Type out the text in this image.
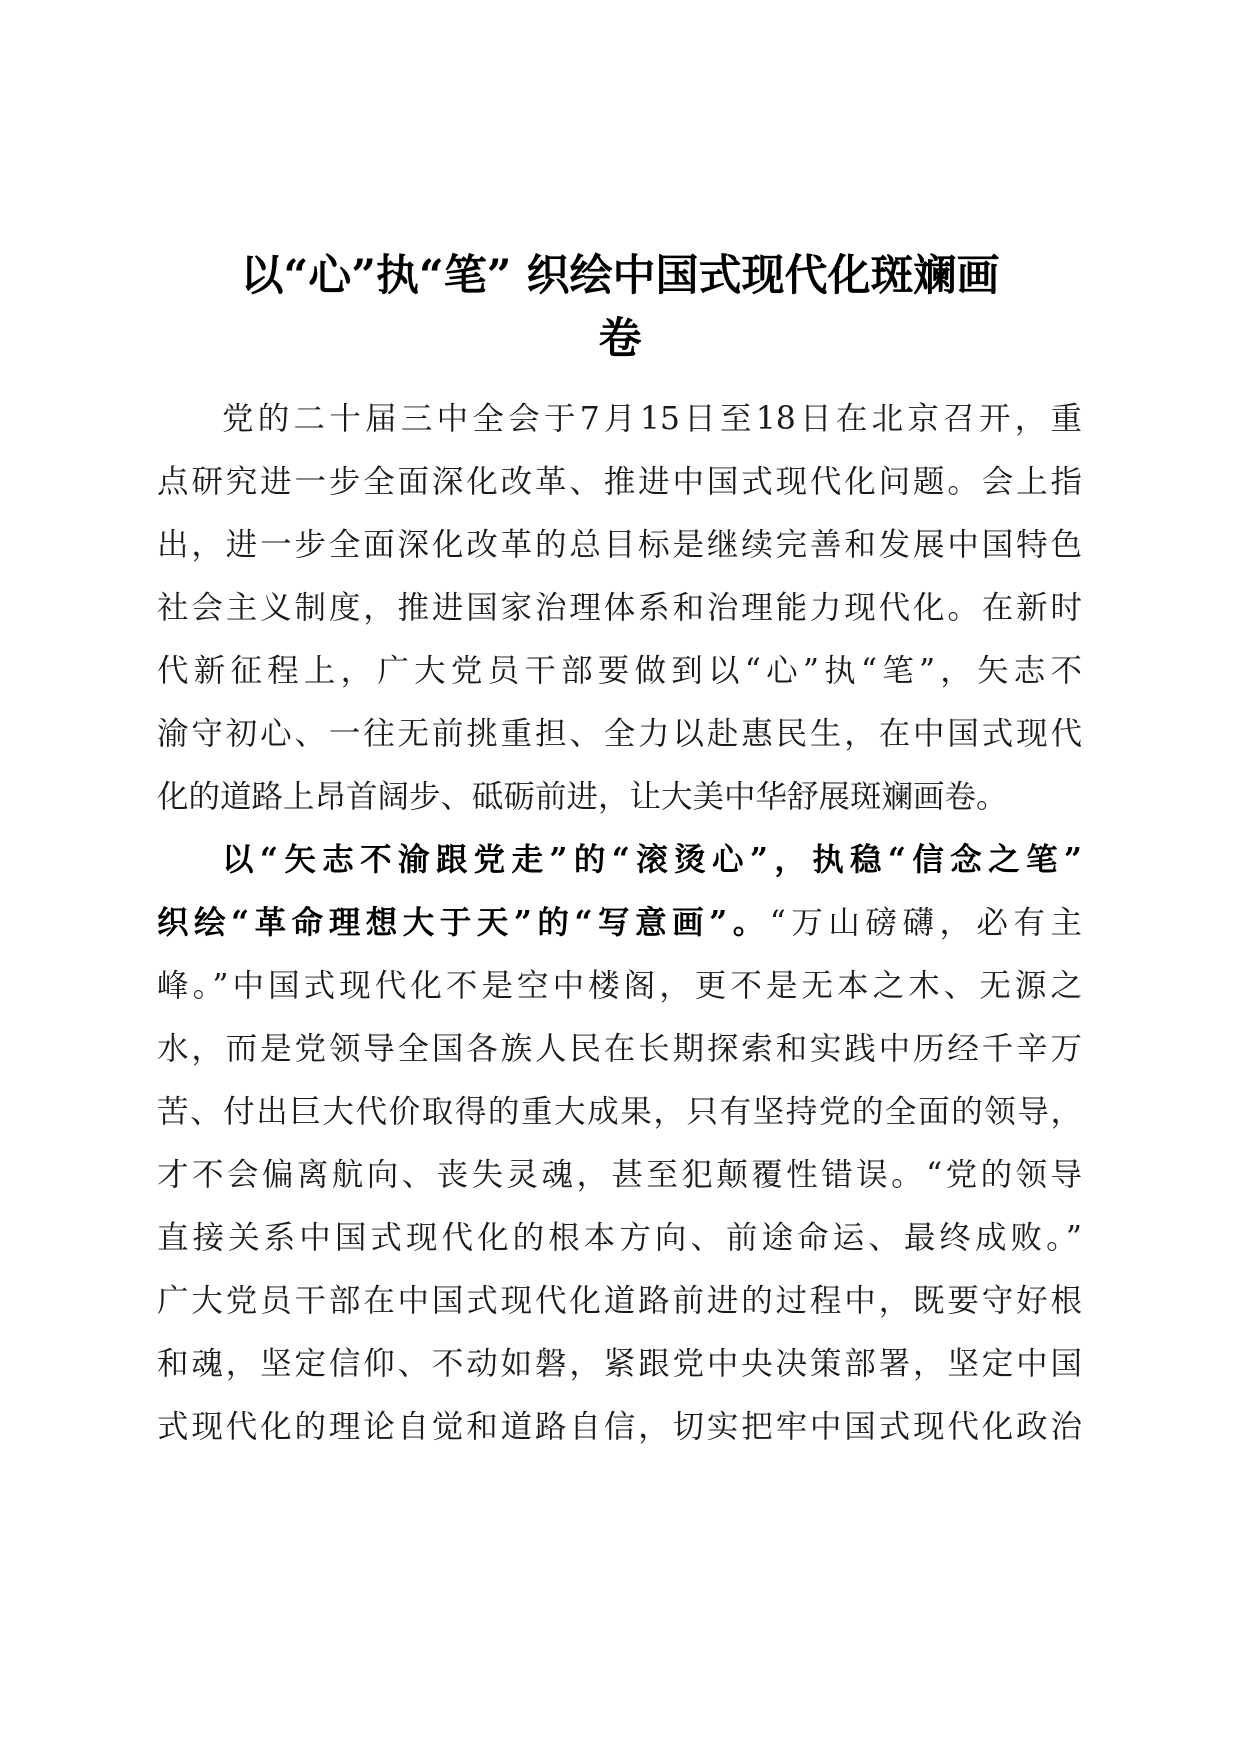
以“心”执“笔” 织绘中国式现代化斑斓画
卷

党的二十届三中全会于7月15日至18日在北京召开，重

点研究进一步全面深化改革、推进中国式现代化问题。会上指

出，进一步全面深化改革的总目标是继续完善和发展中国特色

社会主义制度，推进国家治理体系和治理能力现代化。在新时

代新征程上，广大党员干部要做到以“心”执“笔”，矢志不

渝守初心、一往无前挑重担、全力以赴惠民生，在中国式现代

化的道路上昂首阔步、砥砺前进，让大美中华舒展斑斓画卷。

以“矢志不渝跟党走”的“滚烫心”，执稳“信念之笔”

织绘“革命理想大于天”的“写意画”。“万山磅礴，必有主

峰。”中国式现代化不是空中楼阁，更不是无本之木、无源之

水，而是党领导全国各族人民在长期探索和实践中历经千辛万

苦、付出巨大代价取得的重大成果，只有坚持党的全面的领导，

才不会偏离航向、丧失灵魂，甚至犯颠覆性错误。“党的领导

直接关系中国式现代化的根本方向、前途命运、最终成败。”

广大党员干部在中国式现代化道路前进的过程中，既要守好根

和魂，坚定信仰、不动如磐，紧跟党中央决策部署，坚定中国

式现代化的理论自觉和道路自信，切实把牢中国式现代化政治
